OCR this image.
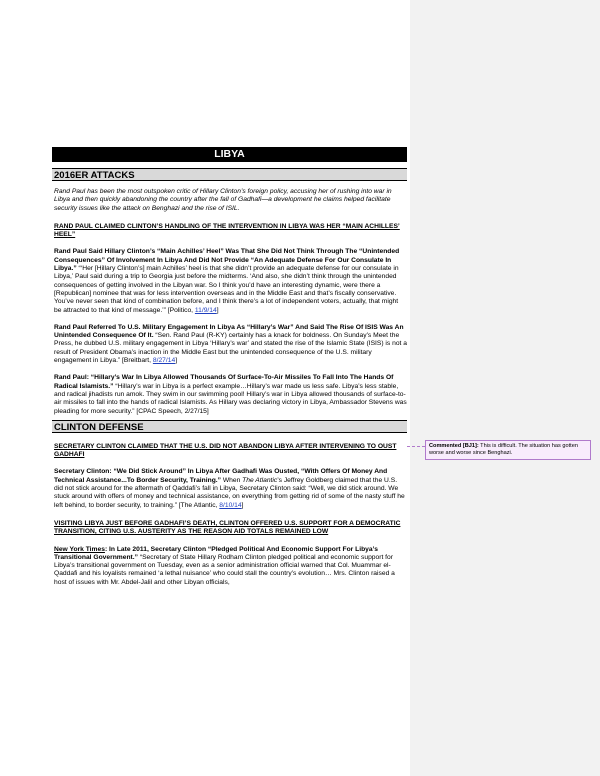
LIBYA
2016ER ATTACKS

Rand Paul has been the most outspoken critic of Hillary Clinton’s foreign policy, accusing her of rushing into war in Libya and then quickly abandoning the country after the fall of Gadhafi—a development he claims helped facilitate security issues like the attack on Benghazi and the rise of ISIL.

RAND PAUL CLAIMED CLINTON’S HANDLING OF THE INTERVENTION IN LIBYA WAS HER “MAIN ACHILLES’ HEEL”

Rand Paul Said Hillary Clinton’s “Main Achilles’ Heel” Was That She Did Not Think Through The “Unintended Consequences” Of Involvement In Libya And Did Not Provide “An Adequate Defense For Our Consulate In Libya.” “‘Her [Hillary Clinton’s] main Achilles’ heel is that she didn’t provide an adequate defense for our consulate in Libya,’ Paul said during a trip to Georgia just before the midterms. ‘And also, she didn’t think through the unintended consequences of getting involved in the Libyan war. So I think you’d have an interesting dynamic, were there a [Republican] nominee that was for less intervention overseas and in the Middle East and that’s fiscally conservative. You’ve never seen that kind of combination before, and I think there’s a lot of independent voters, actually, that might be attracted to that kind of message.’” [Politico, 11/9/14]

Rand Paul Referred To U.S. Military Engagement In Libya As “Hillary’s War” And Said The Rise Of ISIS Was An Unintended Consequence Of It. “Sen. Rand Paul (R-KY) certainly has a knack for boldness. On Sunday’s Meet the Press, he dubbed U.S. military engagement in Libya ‘Hillary’s war’ and stated the rise of the Islamic State (ISIS) is not a result of President Obama’s inaction in the Middle East but the unintended consequence of the U.S. military engagement in Libya.” [Breitbart, 8/27/14]

Rand Paul: “Hillary’s War In Libya Allowed Thousands Of Surface-To-Air Missiles To Fall Into The Hands Of Radical Islamists.” “Hillary’s war in Libya is a perfect example…Hillary’s war made us less safe. Libya’s less stable, and radical jihadists run amok. They swim in our swimming pool! Hillary’s war in Libya allowed thousands of surface-to-air missiles to fall into the hands of radical Islamists. As Hillary was declaring victory in Libya, Ambassador Stevens was pleading for more security.” [CPAC Speech, 2/27/15]

CLINTON DEFENSE

SECRETARY CLINTON CLAIMED THAT THE U.S. DID NOT ABANDON LIBYA AFTER INTERVENING TO OUST GADHAFI

Secretary Clinton: “We Did Stick Around” In Libya After Gadhafi Was Ousted, “With Offers Of Money And Technical Assistance...To Border Security, Training.” When The Atlantic’s Jeffrey Goldberg claimed that the U.S. did not stick around for the aftermath of Qaddafi’s fall in Libya, Secretary Clinton said: “Well, we did stick around. We stuck around with offers of money and technical assistance, on everything from getting rid of some of the nasty stuff he left behind, to border security, to training.” [The Atlantic, 8/10/14]

VISITING LIBYA JUST BEFORE GADHAFI’S DEATH, CLINTON OFFERED U.S. SUPPORT FOR A DEMOCRATIC TRANSITION, CITING U.S. AUSTERITY AS THE REASON AID TOTALS REMAINED LOW

New York Times: In Late 2011, Secretary Clinton “Pledged Political And Economic Support For Libya’s Transitional Government.” “Secretary of State Hillary Rodham Clinton pledged political and economic support for Libya’s transitional government on Tuesday, even as a senior administration official warned that Col. Muammar el-Qaddafi and his loyalists remained ‘a lethal nuisance’ who could stall the country’s evolution… Mrs. Clinton raised a host of issues with Mr. Abdel-Jalil and other Libyan officials,

Commented [BJ1]: This is difficult. The situation has gotten worse and worse since Benghazi.
